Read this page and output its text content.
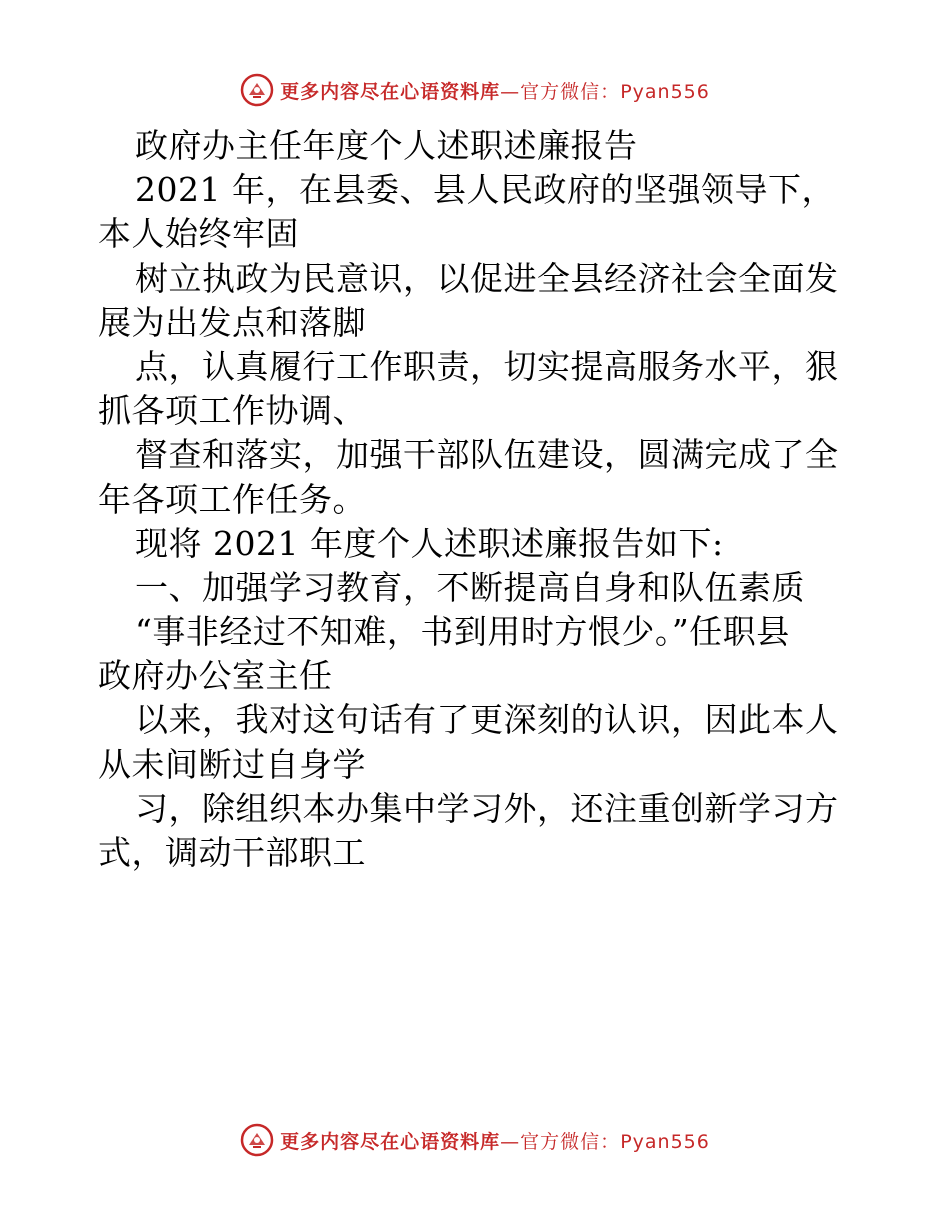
更多内容尽在心语资料库—官方微信：Pyan556
政府办主任年度个人述职述廉报告
2021 年，在县委、县人民政府的坚强领导下，
本人始终牢固
树立执政为民意识，以促进全县经济社会全面发
展为出发点和落脚
点，认真履行工作职责，切实提高服务水平，狠
抓各项工作协调、
督查和落实，加强干部队伍建设，圆满完成了全
年各项工作任务。
现将 2021 年度个人述职述廉报告如下:
一、加强学习教育，不断提高自身和队伍素质
“事非经过不知难，书到用时方恨少。”任职县
政府办公室主任
以来，我对这句话有了更深刻的认识，因此本人
从未间断过自身学
习，除组织本办集中学习外，还注重创新学习方
式，调动干部职工
更多内容尽在心语资料库—官方微信：Pyan556
